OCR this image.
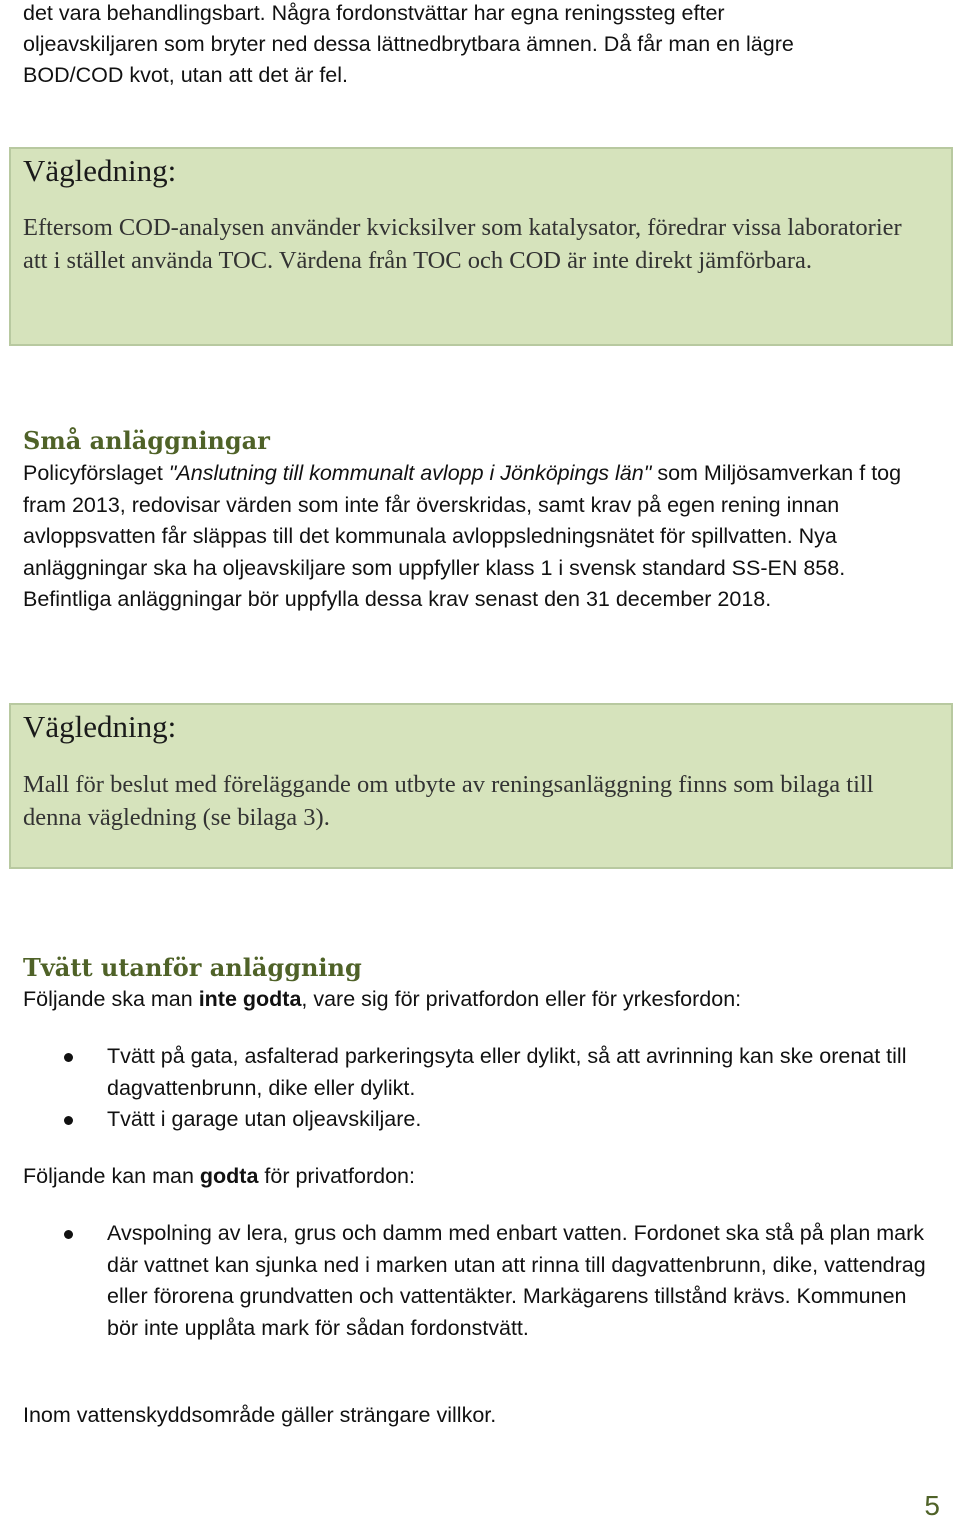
det vara behandlingsbart. Några fordonstvättar har egna reningssteg efter

oljeavskiljaren som bryter ned dessa lättnedbrytbara ämnen. Då får man en lägre

BOD/COD kvot, utan att det är fel.

Vägledning:

Eftersom COD-analysen använder kvicksilver som katalysator, föredrar vissa laboratorier att i stället använda TOC. Värdena från TOC och COD är inte direkt jämförbara.

Små anläggningar

Policyförslaget "Anslutning till kommunalt avlopp i Jönköpings län" som Miljösamverkan f tog fram 2013, redovisar värden som inte får överskridas, samt krav på egen rening innan avloppsvatten får släppas till det kommunala avloppsledningsnätet för spillvatten. Nya anläggningar ska ha oljeavskiljare som uppfyller klass 1 i svensk standard SS-EN 858. Befintliga anläggningar bör uppfylla dessa krav senast den 31 december 2018.

Vägledning:

Mall för beslut med föreläggande om utbyte av reningsanläggning finns som bilaga till denna vägledning (se bilaga 3).

Tvätt utanför anläggning

Följande ska man inte godta, vare sig för privatfordon eller för yrkesfordon:

Tvätt på gata, asfalterad parkeringsyta eller dylikt, så att avrinning kan ske orenat till dagvattenbrunn, dike eller dylikt.
Tvätt i garage utan oljeavskiljare.

Följande kan man godta för privatfordon:

Avspolning av lera, grus och damm med enbart vatten. Fordonet ska stå på plan mark där vattnet kan sjunka ned i marken utan att rinna till dagvattenbrunn, dike, vattendrag eller förorena grundvatten och vattentäkter. Markägarens tillstånd krävs. Kommunen bör inte upplåta mark för sådan fordonstvätt.

Inom vattenskyddsområde gäller strängare villkor.

5
